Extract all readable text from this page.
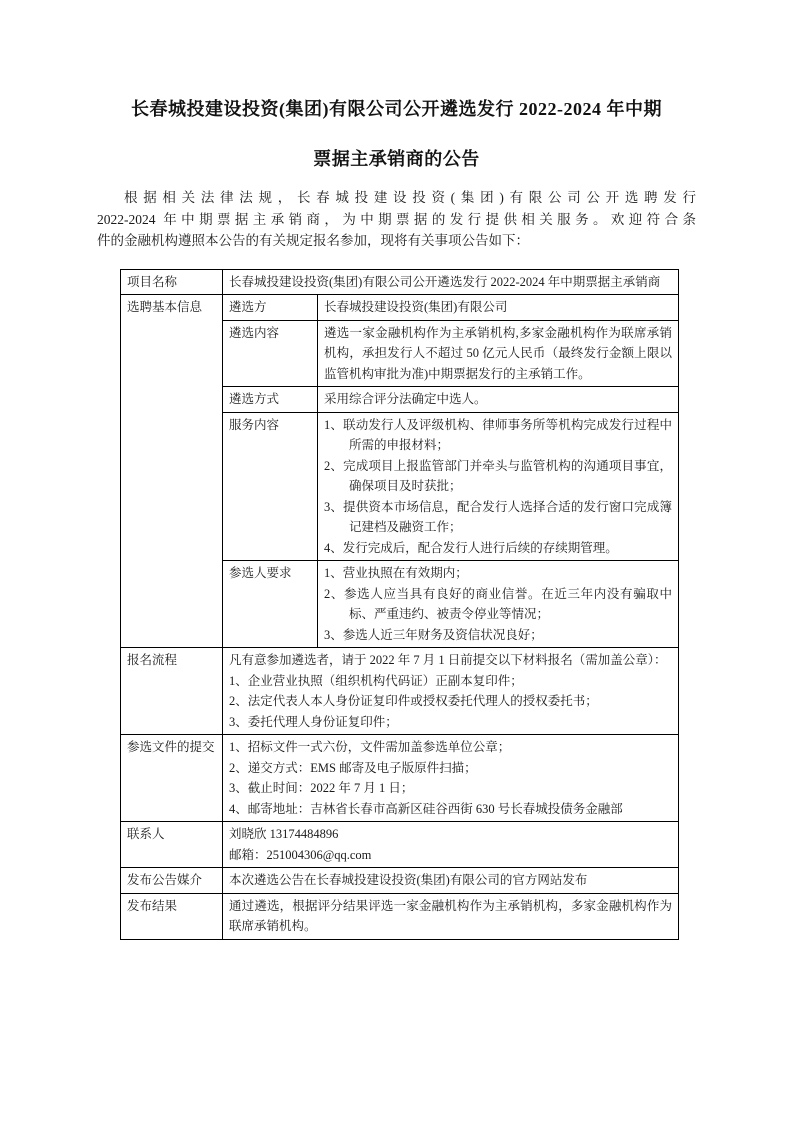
长春城投建设投资(集团)有限公司公开遴选发行 2022-2024 年中期
票据主承销商的公告
根据相关法律法规，长春城投建设投资(集团)有限公司公开选聘发行
2022-2024 年中期票据主承销商，为中期票据的发行提供相关服务。欢迎符合条
件的金融机构遵照本公告的有关规定报名参加，现将有关事项公告如下：
项目名称	长春城投建设投资(集团)有限公司公开遴选发行 2022-2024 年中期票据主承销商	
选聘基本信息	遴选方	长春城投建设投资(集团)有限公司
	遴选内容	遴选一家金融机构作为主承销机构,多家金融机构作为联席承销机构，承担发行人不超过 50 亿元人民币（最终发行金额上限以监管机构审批为准)中期票据发行的主承销工作。
	遴选方式	采用综合评分法确定中选人。
	服务内容	1、联动发行人及评级机构、律师事务所等机构完成发行过程中所需的申报材料；
2、完成项目上报监管部门并牵头与监管机构的沟通项目事宜，确保项目及时获批；
3、提供资本市场信息，配合发行人选择合适的发行窗口完成簿记建档及融资工作；
4、发行完成后，配合发行人进行后续的存续期管理。

	参选人要求	1、营业执照在有效期内；
2、参选人应当具有良好的商业信誉。在近三年内没有骗取中标、严重违约、被责令停业等情况；
3、参选人近三年财务及资信状况良好；

报名流程	凡有意参加遴选者，请于 2022 年 7 月 1 日前提交以下材料报名（需加盖公章）：
1、企业营业执照（组织机构代码证）正副本复印件；
2、法定代表人本人身份证复印件或授权委托代理人的授权委托书；
3、委托代理人身份证复印件；	

参选文件的提交	1、招标文件一式六份，文件需加盖参选单位公章；
2、递交方式：EMS 邮寄及电子版原件扫描；
3、截止时间：2022 年 7 月 1 日；
4、邮寄地址：吉林省长春市高新区硅谷西街 630 号长春城投债务金融部	

联系人	刘晓欣 13174484896
邮箱：251004306@qq.com	

发布公告媒介	本次遴选公告在长春城投建设投资(集团)有限公司的官方网站发布	
发布结果	通过遴选，根据评分结果评选一家金融机构作为主承销机构，多家金融机构作为联席承销机构。	
